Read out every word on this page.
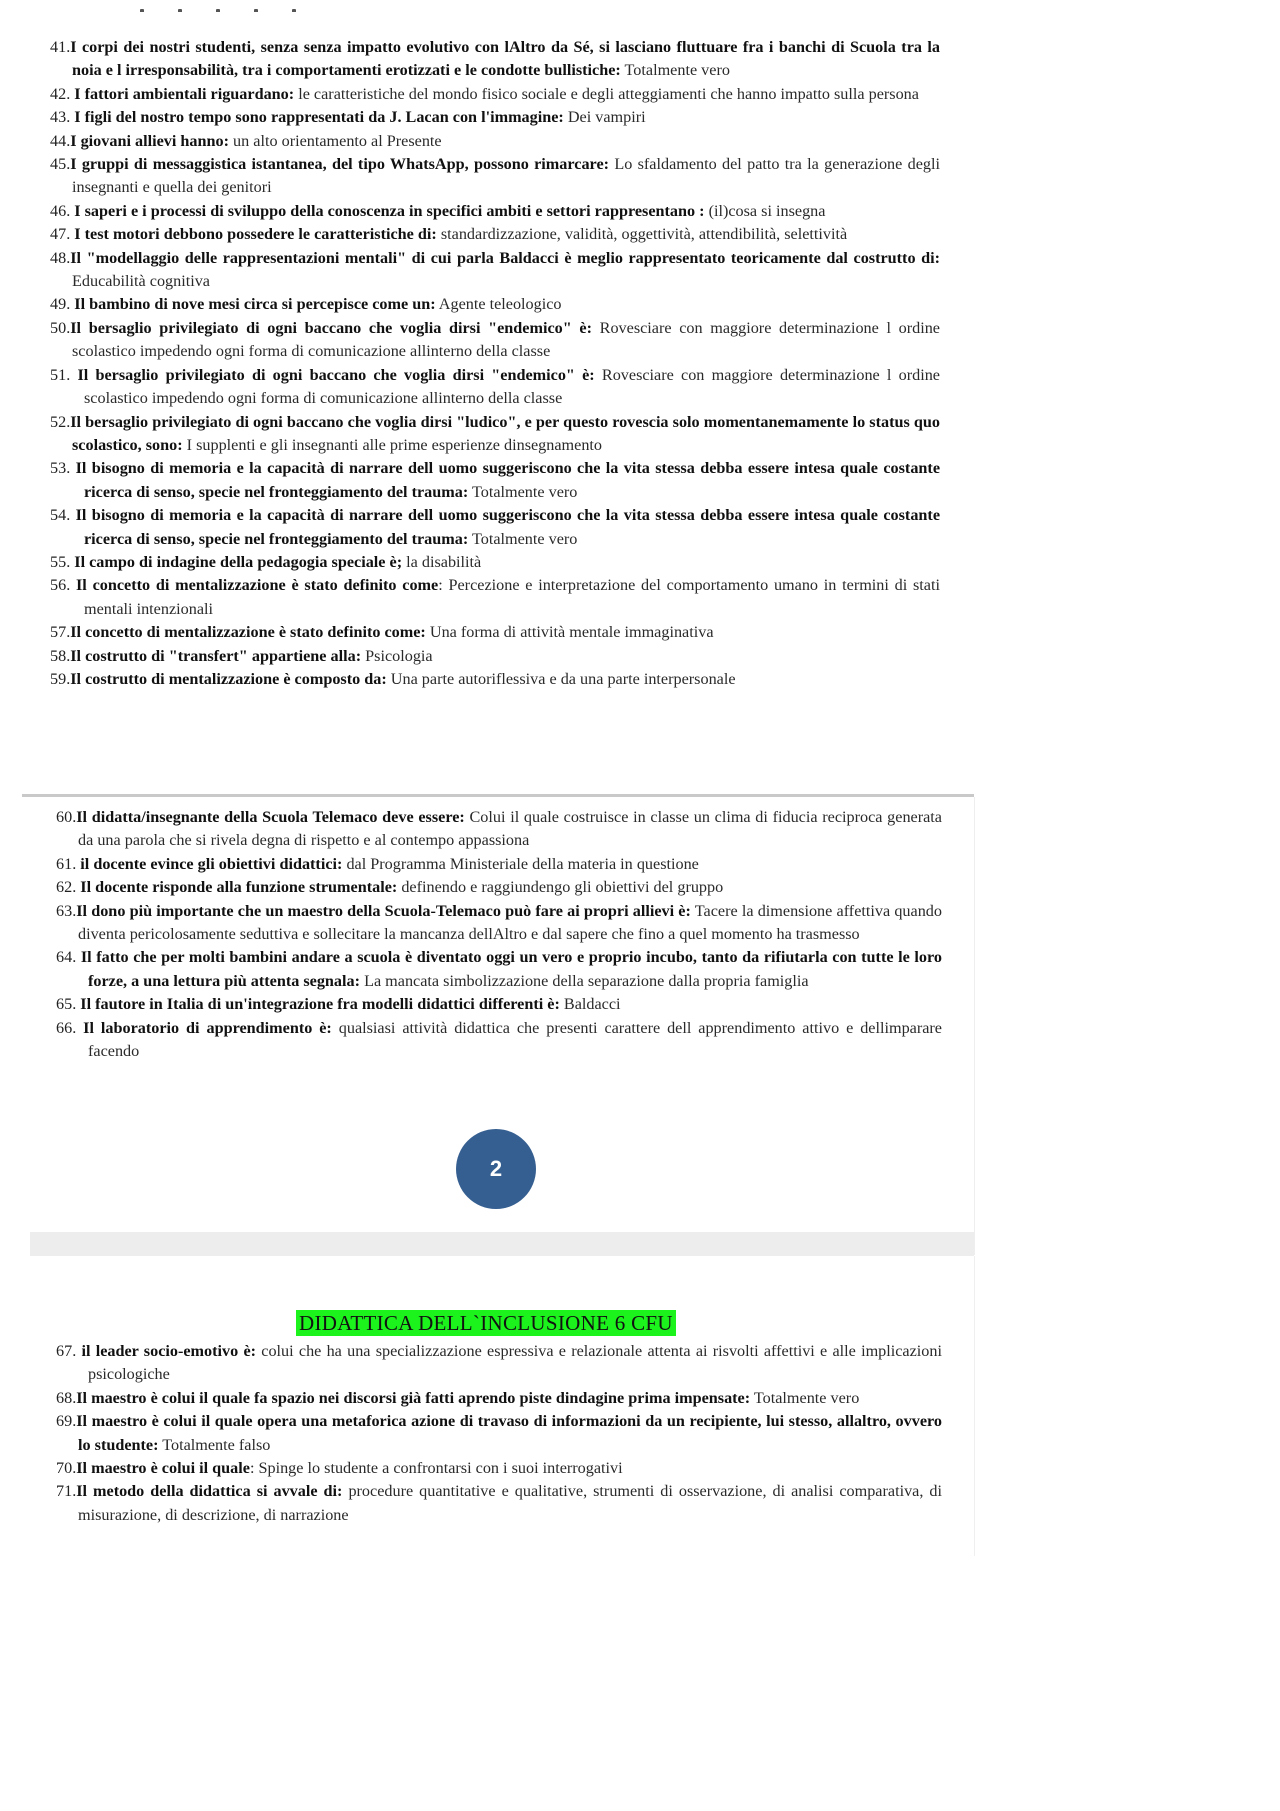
41.I corpi dei nostri studenti, senza senza impatto evolutivo con lAltro da Sé, si lasciano fluttuare fra i banchi di Scuola tra la noia e l irresponsabilità, tra i comportamenti erotizzati e le condotte bullistiche: Totalmente vero

42. I fattori ambientali riguardano: le caratteristiche del mondo fisico sociale e degli atteggiamenti che hanno impatto sulla persona

43. I figli del nostro tempo sono rappresentati da J. Lacan con l'immagine: Dei vampiri

44.I giovani allievi hanno: un alto orientamento al Presente

45.I gruppi di messaggistica istantanea, del tipo WhatsApp, possono rimarcare: Lo sfaldamento del patto tra la generazione degli insegnanti e quella dei genitori

46. I saperi e i processi di sviluppo della conoscenza in specifici ambiti e settori rappresentano : (il)cosa si insegna

47. I test motori debbono possedere le caratteristiche di: standardizzazione, validità, oggettività, attendibilità, selettività

48.Il "modellaggio delle rappresentazioni mentali" di cui parla Baldacci è meglio rappresentato teoricamente dal costrutto di: Educabilità cognitiva

49. Il bambino di nove mesi circa si percepisce come un: Agente teleologico

50.Il bersaglio privilegiato di ogni baccano che voglia dirsi "endemico" è: Rovesciare con maggiore determinazione l ordine scolastico impedendo ogni forma di comunicazione allinterno della classe

51. Il bersaglio privilegiato di ogni baccano che voglia dirsi "endemico" è: Rovesciare con maggiore determinazione l ordine scolastico impedendo ogni forma di comunicazione allinterno della classe

52.Il bersaglio privilegiato di ogni baccano che voglia dirsi "ludico", e per questo rovescia solo momentanemamente lo status quo scolastico, sono: I supplenti e gli insegnanti alle prime esperienze dinsegnamento

53. Il bisogno di memoria e la capacità di narrare dell uomo suggeriscono che la vita stessa debba essere intesa quale costante ricerca di senso, specie nel fronteggiamento del trauma: Totalmente vero

54. Il bisogno di memoria e la capacità di narrare dell uomo suggeriscono che la vita stessa debba essere intesa quale costante ricerca di senso, specie nel fronteggiamento del trauma: Totalmente vero

55. Il campo di indagine della pedagogia speciale è; la disabilità

56. Il concetto di mentalizzazione è stato definito come: Percezione e interpretazione del comportamento umano in termini di stati mentali intenzionali

57.Il concetto di mentalizzazione è stato definito come: Una forma di attività mentale immaginativa

58.Il costrutto di "transfert" appartiene alla: Psicologia

59.Il costrutto di mentalizzazione è composto da: Una parte autoriflessiva e da una parte interpersonale

60.Il didatta/insegnante della Scuola Telemaco deve essere: Colui il quale costruisce in classe un clima di fiducia reciproca generata da una parola che si rivela degna di rispetto e al contempo appassiona

61. il docente evince gli obiettivi didattici: dal Programma Ministeriale della materia in questione

62. Il docente risponde alla funzione strumentale: definendo e raggiundengo gli obiettivi del gruppo

63.Il dono più importante che un maestro della Scuola-Telemaco può fare ai propri allievi è: Tacere la dimensione affettiva quando diventa pericolosamente seduttiva e sollecitare la mancanza dellAltro e dal sapere che fino a quel momento ha trasmesso

64. Il fatto che per molti bambini andare a scuola è diventato oggi un vero e proprio incubo, tanto da rifiutarla con tutte le loro forze, a una lettura più attenta segnala: La mancata simbolizzazione della separazione dalla propria famiglia

65. Il fautore in Italia di un'integrazione fra modelli didattici differenti è: Baldacci

66. Il laboratorio di apprendimento è: qualsiasi attività didattica che presenti carattere dell apprendimento attivo e dellimparare facendo

2
DIDATTICA DELL`INCLUSIONE 6 CFU

67. il leader socio-emotivo è: colui che ha una specializzazione espressiva e relazionale attenta ai risvolti affettivi e alle implicazioni psicologiche

68.Il maestro è colui il quale fa spazio nei discorsi già fatti aprendo piste dindagine prima impensate: Totalmente vero

69.Il maestro è colui il quale opera una metaforica azione di travaso di informazioni da un recipiente, lui stesso, allaltro, ovvero lo studente: Totalmente falso

70.Il maestro è colui il quale: Spinge lo studente a confrontarsi con i suoi interrogativi

71.Il metodo della didattica si avvale di: procedure quantitative e qualitative, strumenti di osservazione, di analisi comparativa, di misurazione, di descrizione, di narrazione
